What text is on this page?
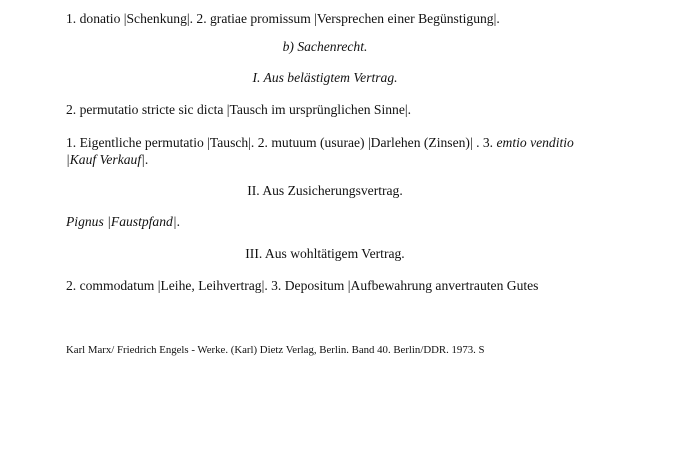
1. donatio |Schenkung|. 2. gratiae promissum |Versprechen einer Begünstigung|.
b) Sachenrecht.
I. Aus belästigtem Vertrag.
2. permutatio stricte sic dicta |Tausch im ursprünglichen Sinne|.
1. Eigentliche permutatio |Tausch|. 2. mutuum (usurae) |Darlehen (Zinsen)| . 3. emtio venditio
|Kauf Verkauf|.
II. Aus Zusicherungsvertrag.
Pignus |Faustpfand|.
III. Aus wohltätigem Vertrag.
2. commodatum |Leihe, Leihvertrag|. 3. Depositum |Aufbewahrung anvertrauten Gutes
Karl Marx/ Friedrich Engels - Werke. (Karl) Dietz Verlag, Berlin. Band 40. Berlin/DDR. 1973. S
